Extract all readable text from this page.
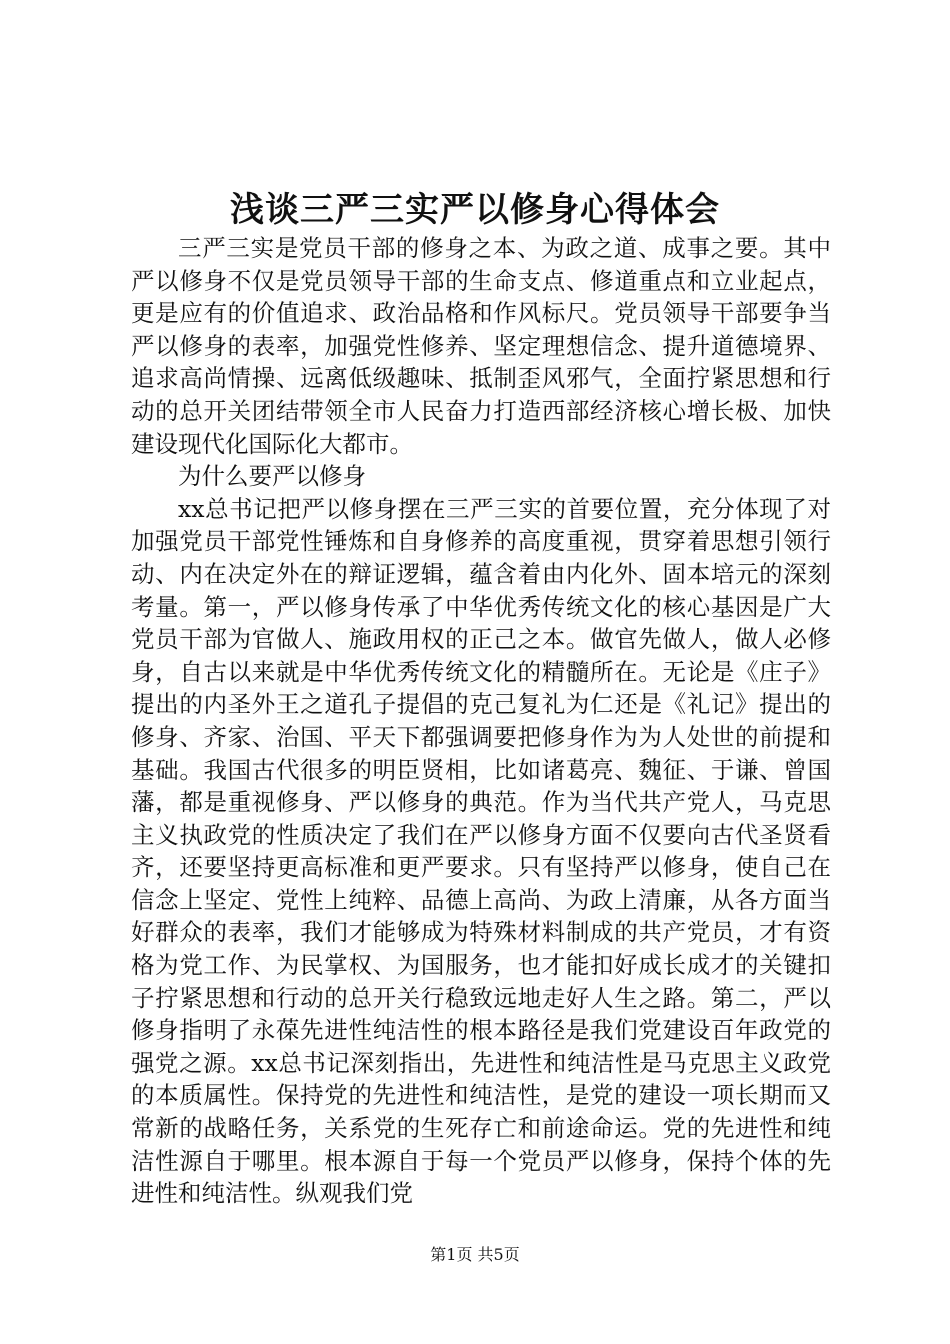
浅谈三严三实严以修身心得体会

三严三实是党员干部的修身之本、为政之道、成事之要。其中严以修身不仅是党员领导干部的生命支点、修道重点和立业起点，更是应有的价值追求、政治品格和作风标尺。党员领导干部要争当严以修身的表率，加强党性修养、坚定理想信念、提升道德境界、追求高尚情操、远离低级趣味、抵制歪风邪气，全面拧紧思想和行动的总开关团结带领全市人民奋力打造西部经济核心增长极、加快建设现代化国际化大都市。

为什么要严以修身

xx总书记把严以修身摆在三严三实的首要位置，充分体现了对加强党员干部党性锤炼和自身修养的高度重视，贯穿着思想引领行动、内在决定外在的辩证逻辑，蕴含着由内化外、固本培元的深刻考量。第一，严以修身传承了中华优秀传统文化的核心基因是广大党员干部为官做人、施政用权的正己之本。做官先做人，做人必修身，自古以来就是中华优秀传统文化的精髓所在。无论是《庄子》提出的内圣外王之道孔子提倡的克己复礼为仁还是《礼记》提出的修身、齐家、治国、平天下都强调要把修身作为为人处世的前提和基础。我国古代很多的明臣贤相，比如诸葛亮、魏征、于谦、曾国藩，都是重视修身、严以修身的典范。作为当代共产党人，马克思主义执政党的性质决定了我们在严以修身方面不仅要向古代圣贤看齐，还要坚持更高标准和更严要求。只有坚持严以修身，使自己在信念上坚定、党性上纯粹、品德上高尚、为政上清廉，从各方面当好群众的表率，我们才能够成为特殊材料制成的共产党员，才有资格为党工作、为民掌权、为国服务，也才能扣好成长成才的关键扣子拧紧思想和行动的总开关行稳致远地走好人生之路。第二，严以修身指明了永葆先进性纯洁性的根本路径是我们党建设百年政党的强党之源。xx总书记深刻指出，先进性和纯洁性是马克思主义政党的本质属性。保持党的先进性和纯洁性，是党的建设一项长期而又常新的战略任务，关系党的生死存亡和前途命运。党的先进性和纯洁性源自于哪里。根本源自于每一个党员严以修身，保持个体的先进性和纯洁性。纵观我们党

第1页 共5页
